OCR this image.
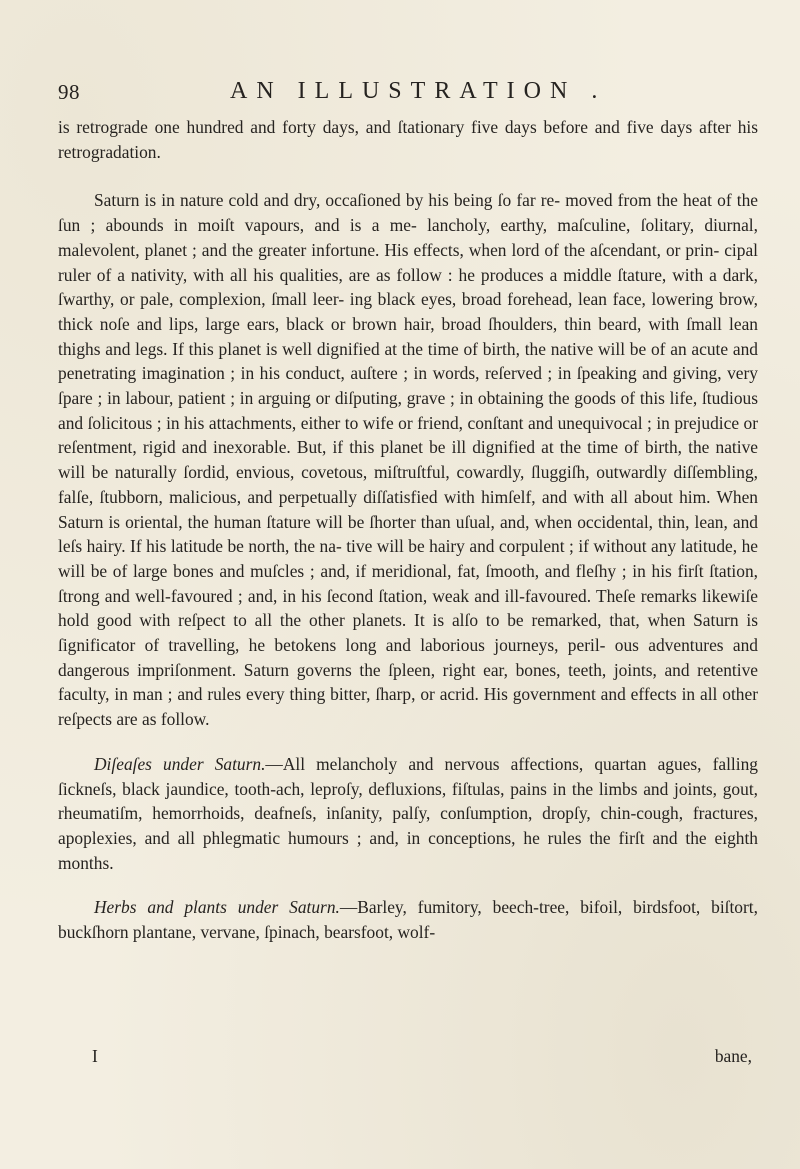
98	AN ILLUSTRATION .

is retrograde one hundred and forty days, and ſtationary five days before and five days after his retrogradation.

Saturn is in nature cold and dry, occaſioned by his being ſo far re- moved from the heat of the ſun ; abounds in moiſt vapours, and is a me- lancholy, earthy, maſculine, ſolitary, diurnal, malevolent, planet ; and the greater infortune. His effects, when lord of the aſcendant, or prin- cipal ruler of a nativity, with all his qualities, are as follow : he produces a middle ſtature, with a dark, ſwarthy, or pale, complexion, ſmall leer- ing black eyes, broad forehead, lean face, lowering brow, thick noſe and lips, large ears, black or brown hair, broad ſhoulders, thin beard, with ſmall lean thighs and legs. If this planet is well dignified at the time of birth, the native will be of an acute and penetrating imagination ; in his conduct, auſtere ; in words, reſerved ; in ſpeaking and giving, very ſpare ; in labour, patient ; in arguing or diſputing, grave ; in obtaining the goods of this life, ſtudious and ſolicitous ; in his attachments, either to wife or friend, conſtant and unequivocal ; in prejudice or reſentment, rigid and inexorable. But, if this planet be ill dignified at the time of birth, the native will be naturally ſordid, envious, covetous, miſtruſtful, cowardly, ſluggiſh, outwardly diſſembling, falſe, ſtubborn, malicious, and perpetually diſſatisfied with himſelf, and with all about him. When Saturn is oriental, the human ſtature will be ſhorter than uſual, and, when occidental, thin, lean, and leſs hairy. If his latitude be north, the na- tive will be hairy and corpulent ; if without any latitude, he will be of large bones and muſcles ; and, if meridional, fat, ſmooth, and fleſhy ; in his firſt ſtation, ſtrong and well-favoured ; and, in his ſecond ſtation, weak and ill-favoured. Theſe remarks likewiſe hold good with reſpect to all the other planets. It is alſo to be remarked, that, when Saturn is ſignificator of travelling, he betokens long and laborious journeys, peril- ous adventures and dangerous impriſonment. Saturn governs the ſpleen, right ear, bones, teeth, joints, and retentive faculty, in man ; and rules every thing bitter, ſharp, or acrid. His government and effects in all other reſpects are as follow.

Diſeaſes under Saturn.—All melancholy and nervous affections, quartan agues, falling ſickneſs, black jaundice, tooth-ach, leproſy, defluxions, fiſtulas, pains in the limbs and joints, gout, rheumatiſm, hemorrhoids, deafneſs, inſanity, palſy, conſumption, dropſy, chin-cough, fractures, apoplexies, and all phlegmatic humours ; and, in conceptions, he rules the firſt and the eighth months.

Herbs and plants under Saturn.—Barley, fumitory, beech-tree, bifoil, birdsfoot, biſtort, buckſhorn plantane, vervane, ſpinach, bearsfoot, wolf-

I	bane,
